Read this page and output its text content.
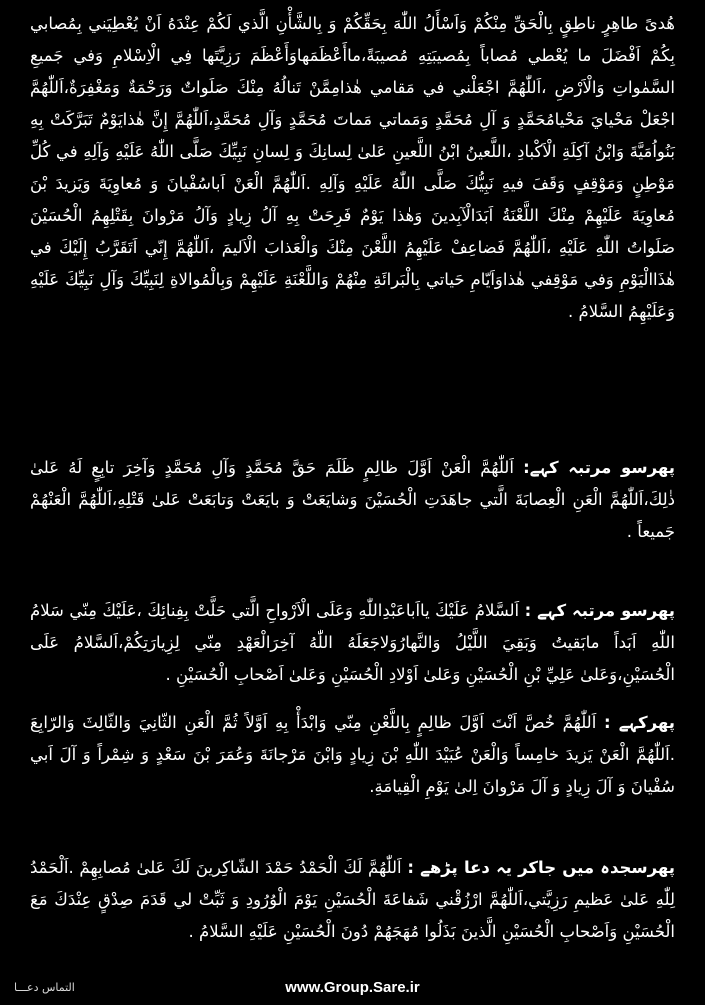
هُدیً طاهِرٍ ناطِقٍ بِالْحَقِّ مِنْكُمْ وَاَسْأَلُ اللّٰهَ بِحَقِّكُمْ وَ بِالشَّأْنِ الَّذي لَكُمْ عِنْدَهُ اَنْ يُعْطِيَني بِمُصابي بِكُمْ اَفْضَلَ ما يُعْطي مُصاباً بِمُصيبَتِهِ مُصيبَةً،ماأَعْظَمَهاوَأَعْظَمَ رَزِيَّتَها فِي الْاِسْلامِ وَفي جَميعِ السَّمٰواتِ وَالْاَرْضِ ،اَللّٰهُمَّ اجْعَلْني في مَقامي هٰذامِمَّنْ تَنالُهُ مِنْكَ صَلَواتٌ وَرَحْمَةٌ وَمَغْفِرَةٌ،اَللّٰهُمَّ اجْعَلْ مَحْيايَ مَحْيامُحَمَّدٍ وَ آلِ مُحَمَّدٍ وَمَماتي مَماتَ مُحَمَّدٍ وَآلِ مُحَمَّدٍ،اَللّٰهُمَّ إِنَّ هٰذايَوْمٌ تَبَرَّكَتْ بِهِ بَنُواُمَيَّةَ وَابْنُ آكِلَةِ الْاَكْبادِ ،اللَّعينُ ابْنُ اللَّعينِ عَلىٰ لِسانِكَ وَ لِسانِ نَبِيِّكَ صَلَّى اللّٰهُ عَلَيْهِ وَآلِهِ في كُلِّ مَوْطِنٍ وَمَوْقِفٍ وَقَفَ فيهِ نَبِيُّكَ صَلَّى اللّٰهُ عَلَيْهِ وَآلِهِ .اَللّٰهُمَّ الْعَنْ اَباسُفْيانَ وَ مُعاوِيَةَ وَيَزيدَ بْنَ مُعاوِيَةَ عَلَيْهِمْ مِنْكَ اللَّعْنَةُ اَبَدَالْآبِدينَ وَهٰذا يَوْمٌ فَرِحَتْ بِهِ آلُ زِيادٍ وَآلُ مَرْوانَ بِقَتْلِهِمُ الْحُسَيْنَ صَلَواتُ اللّٰهِ عَلَيْهِ ،اَللّٰهُمَّ فَضاعِفْ عَلَيْهِمُ اللَّعْنَ مِنْكَ وَالْعَذابَ الْاَليمَ ،اَللّٰهُمَّ إِنّي اَتَقَرَّبُ إِلَيْكَ في هٰذَاالْيَوْمِ وَفي مَوْقِفي هٰذاوَاَيّامِ حَياتي بِالْبَرائَةِ مِنْهُمْ وَاللَّعْنَةِ عَلَيْهِمْ وَبِالْمُوالاةِ لِنَبِيِّكَ وَآلِ نَبِيِّكَ عَلَيْهِ وَعَلَيْهِمُ السَّلامُ .
پھرسو مرتبہ کہے: اَللّٰهُمَّ الْعَنْ اَوَّلَ ظالِمٍ ظَلَمَ حَقَّ مُحَمَّدٍ وَآلِ مُحَمَّدٍ وَآخِرَ تابِعٍ لَهُ عَلىٰ ذٰلِكَ،اَللّٰهُمَّ الْعَنِ الْعِصابَةَ الَّتي جاهَدَتِ الْحُسَيْنَ وَشايَعَتْ وَ بايَعَتْ وَتابَعَتْ عَلىٰ قَتْلِهِ،اَللّٰهُمَّ الْعَنْهُمْ جَميعاً .
پھرسو مرتبہ کہے : اَلسَّلامُ عَلَيْكَ يااَباعَبْدِاللّٰهِ وَعَلَى الْاَرْواحِ الَّتي حَلَّتْ بِفِنائِكَ ،عَلَيْكَ مِنّي سَلامُ اللّٰهِ اَبَداً مابَقيتُ وَبَقِيَ اللَّيْلُ وَالنَّهارُوَلاجَعَلَهُ اللّٰهُ آخِرَالْعَهْدِ مِنّي لِزِيارَتِكُمْ،اَلسَّلامُ عَلَى الْحُسَيْنِ،وَعَلىٰ عَلِيِّ بْنِ الْحُسَيْنِ وَعَلىٰ اَوْلادِ الْحُسَيْنِ وَعَلىٰ اَصْحابِ الْحُسَيْنِ .
پھرکہے : اَللّٰهُمَّ خُصَّ اَنْتَ اَوَّلَ ظالِمٍ بِاللَّعْنِ مِنّي وَابْدَأْ بِهِ اَوَّلاً ثُمَّ الْعَنِ الثّانِيَ وَالثّالِثَ وَالرّابِعَ .اَللّٰهُمَّ الْعَنْ يَزيدَ خامِساً وَالْعَنْ عُبَيْدَ اللّٰهِ بْنَ زِيادٍ وَابْنَ مَرْجانَةَ وَعُمَرَ بْنَ سَعْدٍ وَ شِمْراً وَ آلَ اَبي سُفْيانَ وَ آلَ زِيادٍ وَ آلَ مَرْوانَ اِلىٰ يَوْمِ الْقِيامَةِ.
پھرسجدہ میں جاکر یہ دعا پڑھے : اَللّٰهُمَّ لَكَ الْحَمْدُ حَمْدَ الشّاكِرينَ لَكَ عَلىٰ مُصابِهِمْ .اَلْحَمْدُ لِلّٰهِ عَلىٰ عَظيمِ رَزِيَّتي،اَللّٰهُمَّ ارْزُقْني شَفاعَةَ الْحُسَيْنِ يَوْمَ الْوُرُودِ وَ ثَبِّتْ لي قَدَمَ صِدْقٍ عِنْدَكَ مَعَ الْحُسَيْنِ وَاَصْحابِ الْحُسَيْنِ الَّذينَ بَذَلُوا مُهَجَهُمْ دُونَ الْحُسَيْنِ عَلَيْهِ السَّلامُ .
www.Group.Sare.ir
التماس دعـــا
